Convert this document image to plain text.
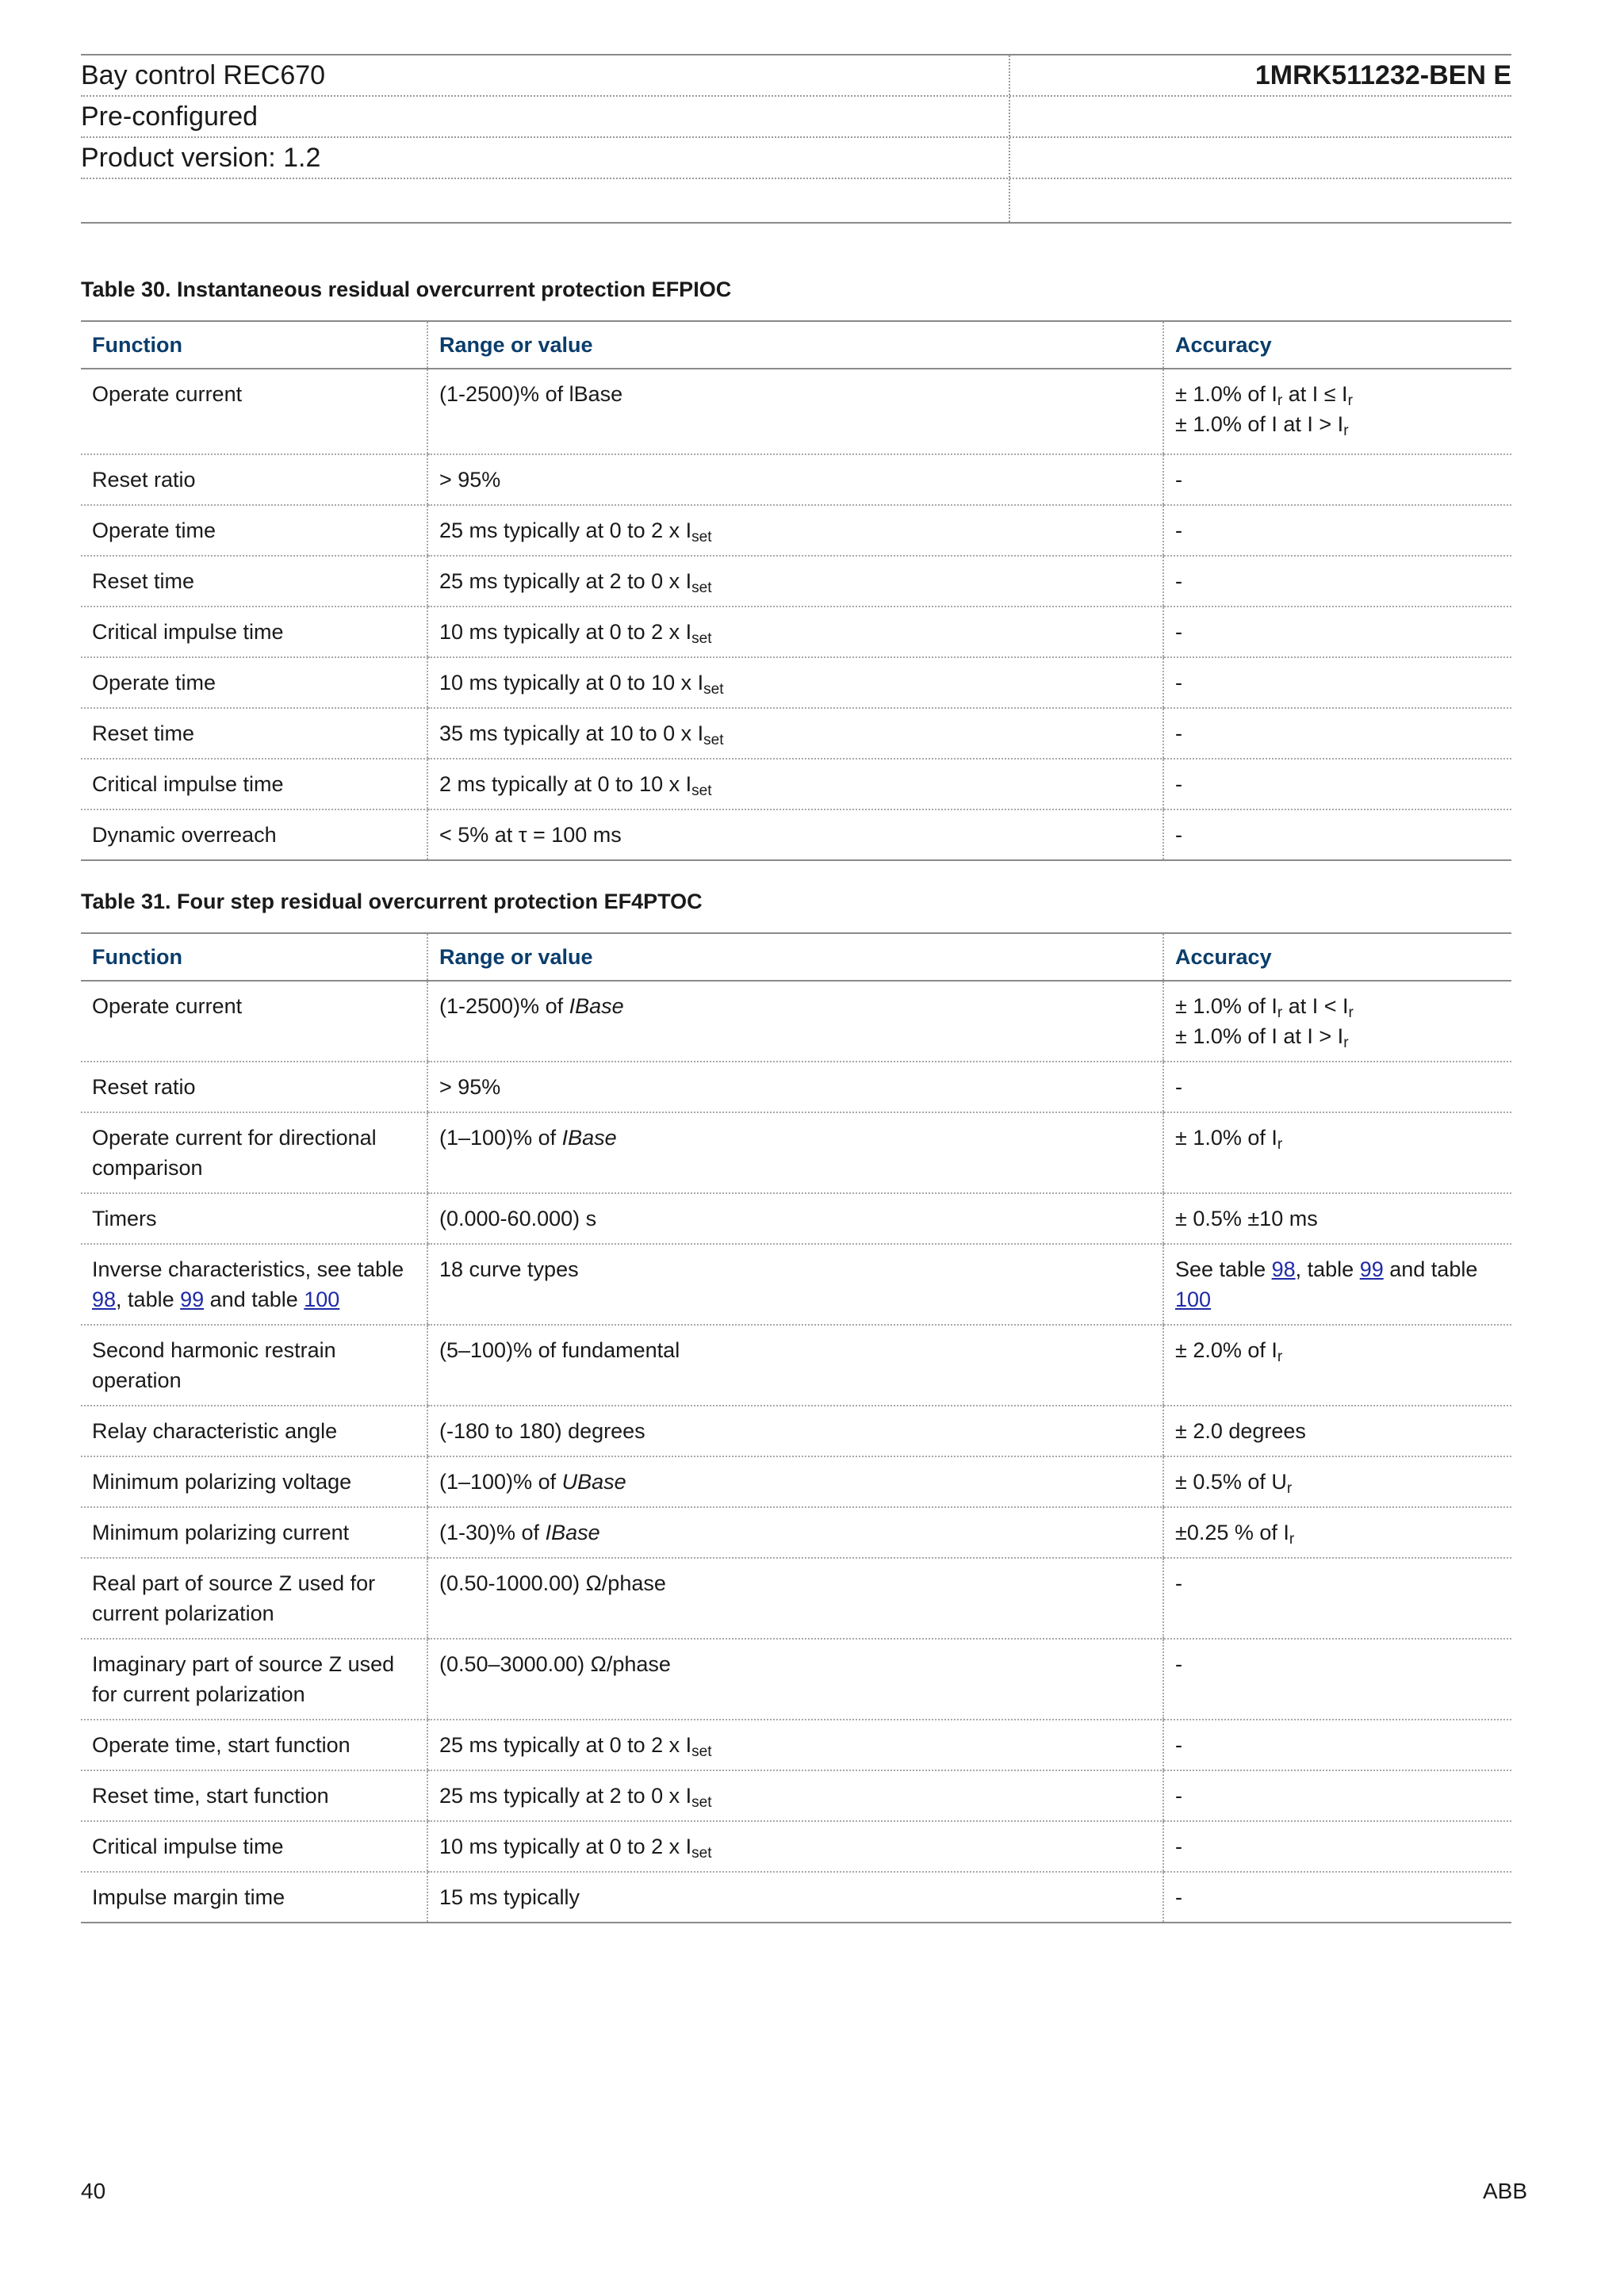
Bay control REC670	1MRK511232-BEN E
Pre-configured
Product version: 1.2
Table 30. Instantaneous residual overcurrent protection EFPIOC
Function	Range or value	Accuracy
Operate current	(1-2500)% of lBase	± 1.0% of $I_r$ at $I \le I_r$
± 1.0% of I at $I > I_r$

Reset ratio	> 95%	-
Operate time	25 ms typically at 0 to 2 x $I_{set}$	-
Reset time	25 ms typically at 2 to 0 x $I_{set}$	-
Critical impulse time	10 ms typically at 0 to 2 x $I_{set}$	-
Operate time	10 ms typically at 0 to 10 x $I_{set}$	-
Reset time	35 ms typically at 10 to 0 x $I_{set}$	-
Critical impulse time	2 ms typically at 0 to 10 x $I_{set}$	-
Dynamic overreach	< 5% at τ = 100 ms	-
Table 31. Four step residual overcurrent protection EF4PTOC
Function	Range or value	Accuracy
Operate current	(1-2500)% of IBase	± 1.0% of $I_r$ at $I < I_r$
± 1.0% of I at $I > I_r$

Reset ratio	> 95%	-
Operate current for directional comparison	(1–100)% of IBase	± 1.0% of $I_r$
Timers	(0.000-60.000) s	± 0.5% ±10 ms
Inverse characteristics, see table 98, table 99 and table 100	18 curve types	See table 98, table 99 and table 100
Second harmonic restrain operation	(5–100)% of fundamental	± 2.0% of $I_r$
Relay characteristic angle	(-180 to 180) degrees	± 2.0 degrees
Minimum polarizing voltage	(1–100)% of UBase	± 0.5% of $U_r$
Minimum polarizing current	(1-30)% of IBase	±0.25 % of $I_r$
Real part of source Z used for current polarization	(0.50-1000.00) Ω/phase	-
Imaginary part of source Z used for current polarization	(0.50–3000.00) Ω/phase	-
Operate time, start function	25 ms typically at 0 to 2 x $I_{set}$	-
Reset time, start function	25 ms typically at 2 to 0 x $I_{set}$	-
Critical impulse time	10 ms typically at 0 to 2 x $I_{set}$	-
Impulse margin time	15 ms typically	-
40	ABB
